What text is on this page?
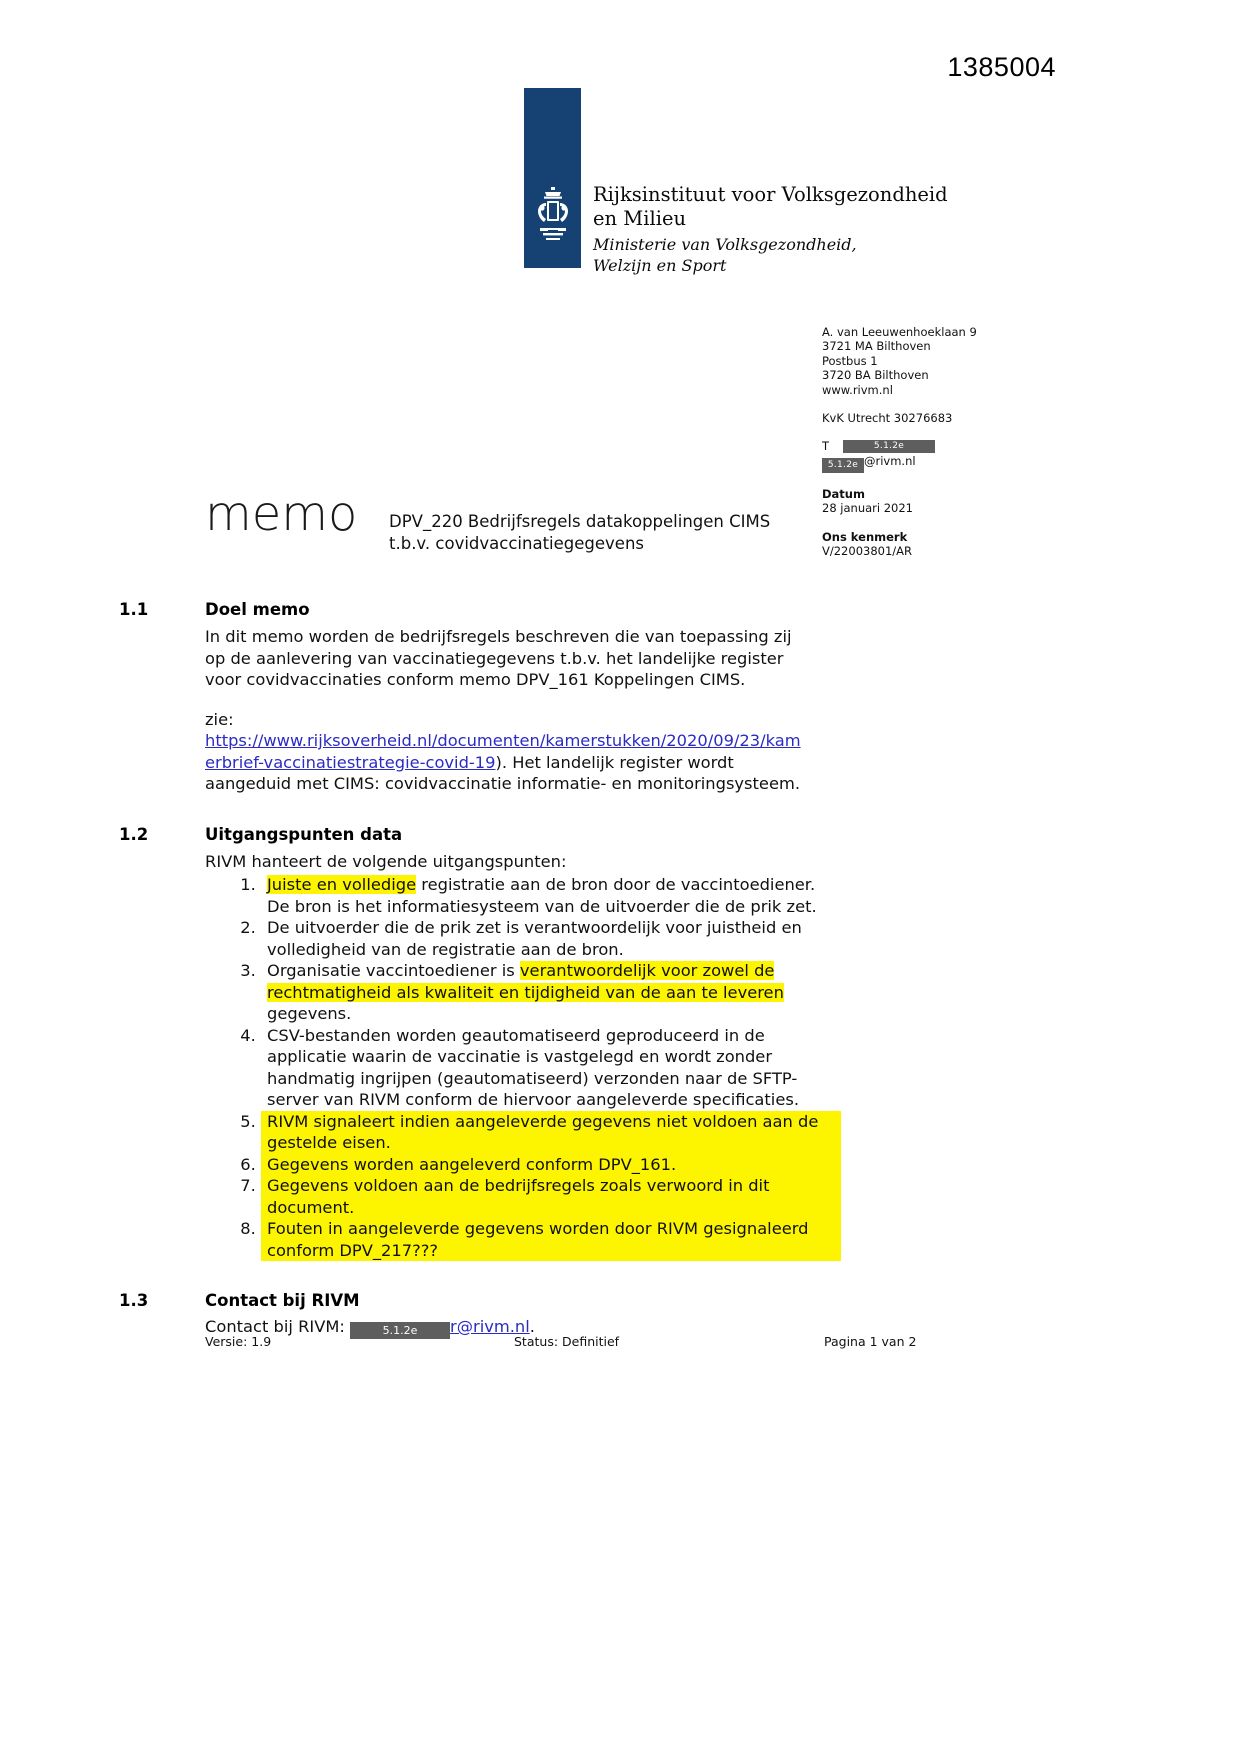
1385004
Rijksinstituut voor Volksgezondheid
en Milieu
Ministerie van Volksgezondheid,
Welzijn en Sport
A. van Leeuwenhoeklaan 9
3721 MA Bilthoven
Postbus 1
3720 BA Bilthoven
www.rivm.nl
KvK Utrecht 30276683
T	5.1.2e
5.1.2e @rivm.nl
Datum
28 januari 2021
Ons kenmerk
V/22003801/AR
memo DPV_220 Bedrijfsregels datakoppelingen CIMS
t.b.v. covidvaccinatiegegevens
1.1	Doel memo
In dit memo worden de bedrijfsregels beschreven die van toepassing zij op de aanlevering van vaccinatiegegevens t.b.v. het landelijke register voor covidvaccinaties conform memo DPV_161 Koppelingen CIMS.
zie:
https://www.rijksoverheid.nl/documenten/kamerstukken/2020/09/23/kamerbrief-vaccinatiestrategie-covid-19). Het landelijk register wordt aangeduid met CIMS: covidvaccinatie informatie- en monitoringsysteem.
1.2	Uitgangspunten data
RIVM hanteert de volgende uitgangspunten:
1. Juiste en volledige registratie aan de bron door de vaccintoediener. De bron is het informatiesysteem van de uitvoerder die de prik zet.
2. De uitvoerder die de prik zet is verantwoordelijk voor juistheid en volledigheid van de registratie aan de bron.
3. Organisatie vaccintoediener is verantwoordelijk voor zowel de rechtmatigheid als kwaliteit en tijdigheid van de aan te leveren gegevens.
4. CSV-bestanden worden geautomatiseerd geproduceerd in de applicatie waarin de vaccinatie is vastgelegd en wordt zonder handmatig ingrijpen (geautomatiseerd) verzonden naar de SFTP-server van RIVM conform de hiervoor aangeleverde specificaties.
5. RIVM signaleert indien aangeleverde gegevens niet voldoen aan de gestelde eisen.
6. Gegevens worden aangeleverd conform DPV_161.
7. Gegevens voldoen aan de bedrijfsregels zoals verwoord in dit document.
8. Fouten in aangeleverde gegevens worden door RIVM gesignaleerd conform DPV_217???
1.3	Contact bij RIVM
Contact bij RIVM:	5.1.2e r@rivm.nl.
Versie: 1.9	Status: Definitief	Pagina 1 van 2
